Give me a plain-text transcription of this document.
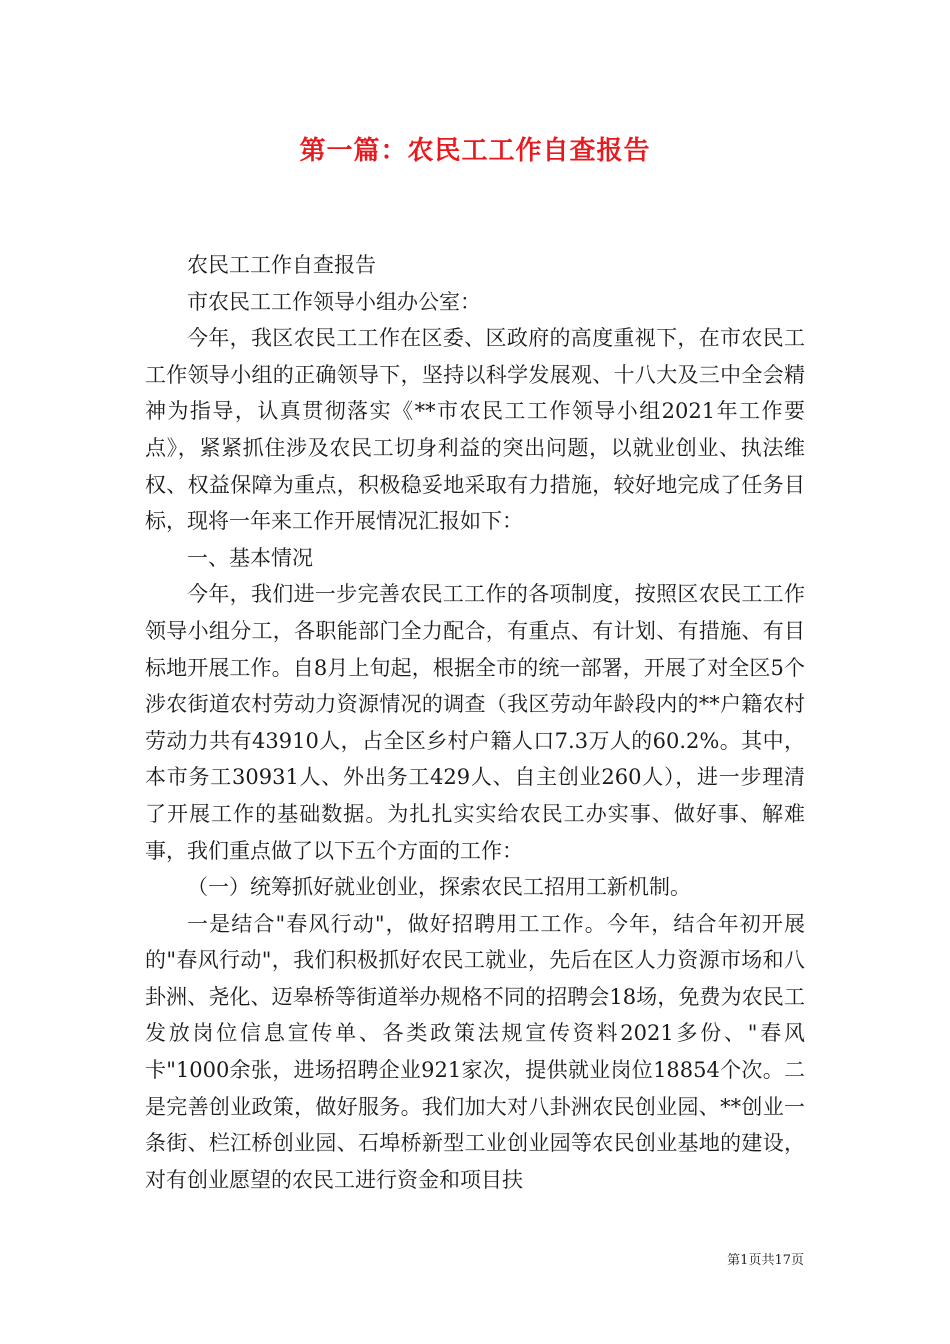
第一篇：农民工工作自查报告

农民工工作自查报告

市农民工工作领导小组办公室：

今年，我区农民工工作在区委、区政府的高度重视下，在市农民工工作领导小组的正确领导下，坚持以科学发展观、十八大及三中全会精神为指导，认真贯彻落实《**市农民工工作领导小组2021年工作要点》，紧紧抓住涉及农民工切身利益的突出问题，以就业创业、执法维权、权益保障为重点，积极稳妥地采取有力措施，较好地完成了任务目标，现将一年来工作开展情况汇报如下：

一、基本情况

今年，我们进一步完善农民工工作的各项制度，按照区农民工工作领导小组分工，各职能部门全力配合，有重点、有计划、有措施、有目标地开展工作。自8月上旬起，根据全市的统一部署，开展了对全区5个涉农街道农村劳动力资源情况的调查（我区劳动年龄段内的**户籍农村劳动力共有43910人，占全区乡村户籍人口7.3万人的60.2%。其中，本市务工30931人、外出务工429人、自主创业260人），进一步理清了开展工作的基础数据。为扎扎实实给农民工办实事、做好事、解难事，我们重点做了以下五个方面的工作：

（一）统筹抓好就业创业，探索农民工招用工新机制。

一是结合"春风行动"，做好招聘用工工作。今年，结合年初开展的"春风行动"，我们积极抓好农民工就业，先后在区人力资源市场和八卦洲、尧化、迈皋桥等街道举办规格不同的招聘会18场，免费为农民工发放岗位信息宣传单、各类政策法规宣传资料2021多份、"春风卡"1000余张，进场招聘企业921家次，提供就业岗位18854个次。二是完善创业政策，做好服务。我们加大对八卦洲农民创业园、**创业一条街、栏江桥创业园、石埠桥新型工业创业园等农民创业基地的建设，对有创业愿望的农民工进行资金和项目扶

第1页共17页
